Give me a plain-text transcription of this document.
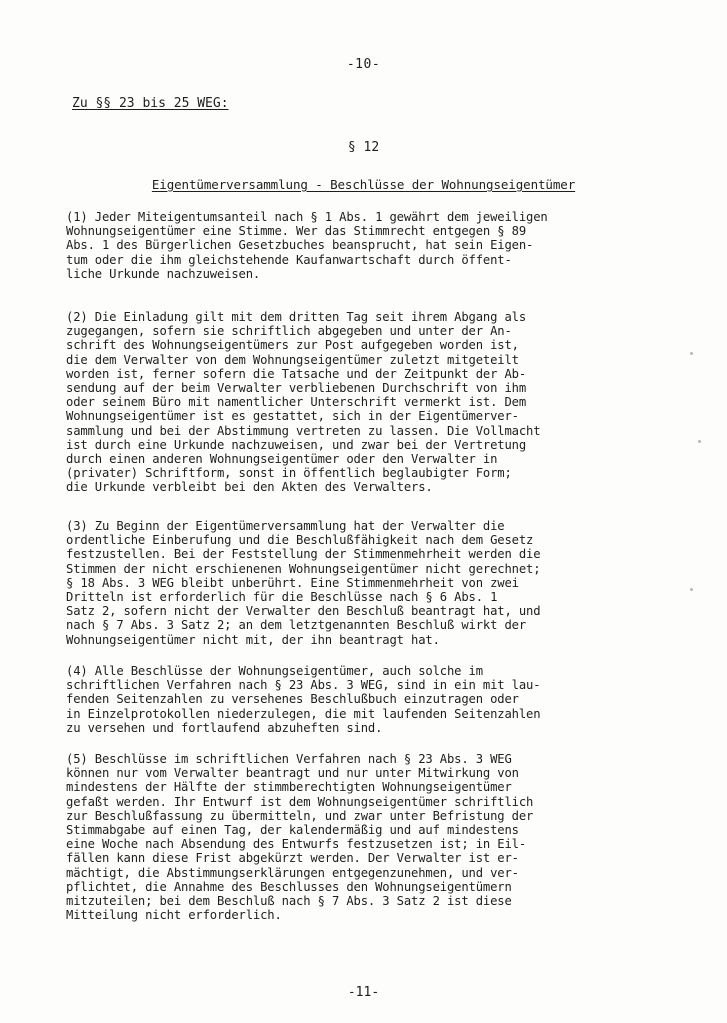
-10-
Zu §§ 23 bis 25 WEG:
§ 12
Eigentümerversammlung - Beschlüsse der Wohnungseigentümer
(1) Jeder Miteigentumsanteil nach § 1 Abs. 1 gewährt dem jeweiligen
Wohnungseigentümer eine Stimme. Wer das Stimmrecht entgegen § 89
Abs. 1 des Bürgerlichen Gesetzbuches beansprucht, hat sein Eigen-
tum oder die ihm gleichstehende Kaufanwartschaft durch öffent-
liche Urkunde nachzuweisen.
(2) Die Einladung gilt mit dem dritten Tag seit ihrem Abgang als
zugegangen, sofern sie schriftlich abgegeben und unter der An-
schrift des Wohnungseigentümers zur Post aufgegeben worden ist,
die dem Verwalter von dem Wohnungseigentümer zuletzt mitgeteilt
worden ist, ferner sofern die Tatsache und der Zeitpunkt der Ab-
sendung auf der beim Verwalter verbliebenen Durchschrift von ihm
oder seinem Büro mit namentlicher Unterschrift vermerkt ist. Dem
Wohnungseigentümer ist es gestattet, sich in der Eigentümerver-
sammlung und bei der Abstimmung vertreten zu lassen. Die Vollmacht
ist durch eine Urkunde nachzuweisen, und zwar bei der Vertretung
durch einen anderen Wohnungseigentümer oder den Verwalter in
(privater) Schriftform, sonst in öffentlich beglaubigter Form;
die Urkunde verbleibt bei den Akten des Verwalters.
(3) Zu Beginn der Eigentümerversammlung hat der Verwalter die
ordentliche Einberufung und die Beschlußfähigkeit nach dem Gesetz
festzustellen. Bei der Feststellung der Stimmenmehrheit werden die
Stimmen der nicht erschienenen Wohnungseigentümer nicht gerechnet;
§ 18 Abs. 3 WEG bleibt unberührt. Eine Stimmenmehrheit von zwei
Dritteln ist erforderlich für die Beschlüsse nach § 6 Abs. 1
Satz 2, sofern nicht der Verwalter den Beschluß beantragt hat, und
nach § 7 Abs. 3 Satz 2; an dem letztgenannten Beschluß wirkt der
Wohnungseigentümer nicht mit, der ihn beantragt hat.
(4) Alle Beschlüsse der Wohnungseigentümer, auch solche im
schriftlichen Verfahren nach § 23 Abs. 3 WEG, sind in ein mit lau-
fenden Seitenzahlen zu versehenes Beschlußbuch einzutragen oder
in Einzelprotokollen niederzulegen, die mit laufenden Seitenzahlen
zu versehen und fortlaufend abzuheften sind.
(5) Beschlüsse im schriftlichen Verfahren nach § 23 Abs. 3 WEG
können nur vom Verwalter beantragt und nur unter Mitwirkung von
mindestens der Hälfte der stimmberechtigten Wohnungseigentümer
gefaßt werden. Ihr Entwurf ist dem Wohnungseigentümer schriftlich
zur Beschlußfassung zu übermitteln, und zwar unter Befristung der
Stimmabgabe auf einen Tag, der kalendermäßig und auf mindestens
eine Woche nach Absendung des Entwurfs festzusetzen ist; in Eil-
fällen kann diese Frist abgekürzt werden. Der Verwalter ist er-
mächtigt, die Abstimmungserklärungen entgegenzunehmen, und ver-
pflichtet, die Annahme des Beschlusses den Wohnungseigentümern
mitzuteilen; bei dem Beschluß nach § 7 Abs. 3 Satz 2 ist diese
Mitteilung nicht erforderlich.
-11-
